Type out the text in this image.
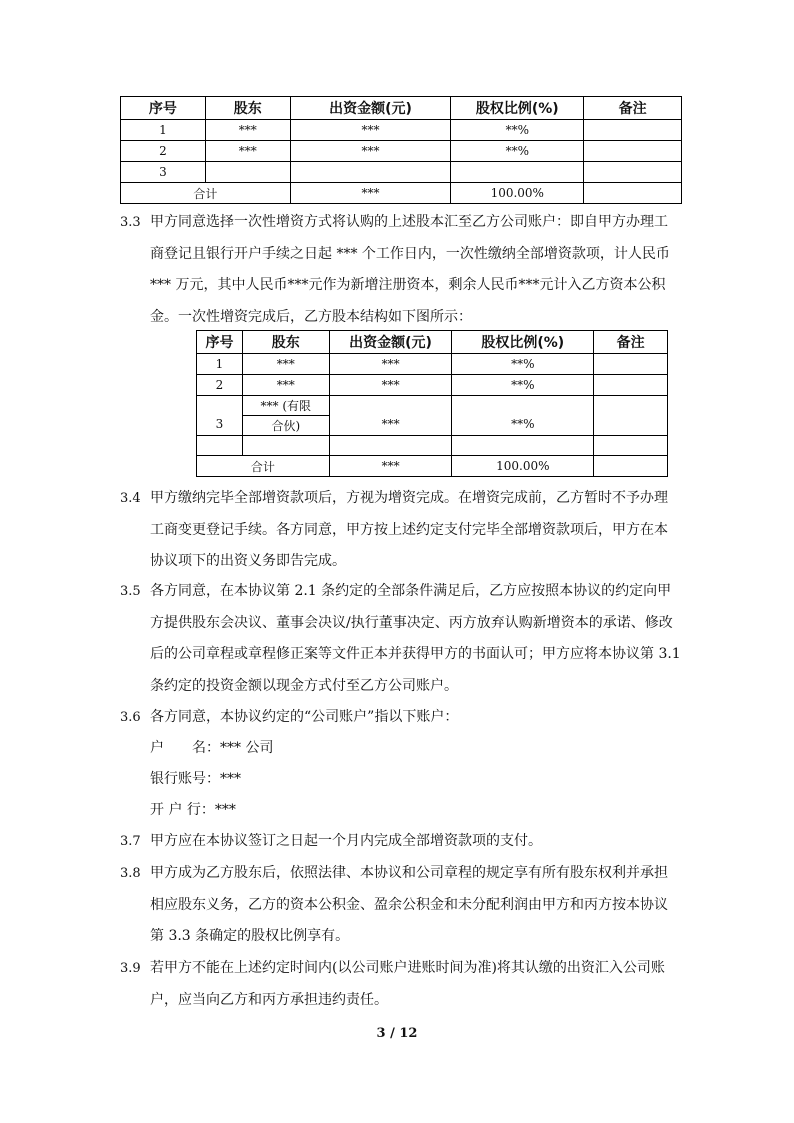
序号	股东	出资金额(元)	股权比例(%)	备注
1	***	***	**%	
2	***	***	**%	
3				
合计		***	100.00%	
3.3 甲方同意选择一次性增资方式将认购的上述股本汇至乙方公司账户：即自甲方办理工
商登记且银行开户手续之日起 *** 个工作日内，一次性缴纳全部增资款项，计人民币
*** 万元，其中人民币***元作为新增注册资本，剩余人民币***元计入乙方资本公积
金。一次性增资完成后，乙方股本结构如下图所示：
序号	股东	出资金额(元)	股权比例(%)	备注
1	***	***	**%	
2	***	***	**%	
3	*** (有限	***	**%	
	合伙)			

合计		***	100.00%	
3.4 甲方缴纳完毕全部增资款项后，方视为增资完成。在增资完成前，乙方暂时不予办理
工商变更登记手续。各方同意，甲方按上述约定支付完毕全部增资款项后，甲方在本
协议项下的出资义务即告完成。
3.5 各方同意，在本协议第 2.1 条约定的全部条件满足后，乙方应按照本协议的约定向甲
方提供股东会决议、董事会决议/执行董事决定、丙方放弃认购新增资本的承诺、修改
后的公司章程或章程修正案等文件正本并获得甲方的书面认可；甲方应将本协议第 3.1
条约定的投资金额以现金方式付至乙方公司账户。
3.6 各方同意，本协议约定的“公司账户”指以下账户：
户　　名：*** 公司
银行账号：***
开 户 行：***
3.7 甲方应在本协议签订之日起一个月内完成全部增资款项的支付。
3.8 甲方成为乙方股东后，依照法律、本协议和公司章程的规定享有所有股东权利并承担
相应股东义务，乙方的资本公积金、盈余公积金和未分配利润由甲方和丙方按本协议
第 3.3 条确定的股权比例享有。
3.9 若甲方不能在上述约定时间内(以公司账户进账时间为准)将其认缴的出资汇入公司账
户，应当向乙方和丙方承担违约责任。
3 / 12
